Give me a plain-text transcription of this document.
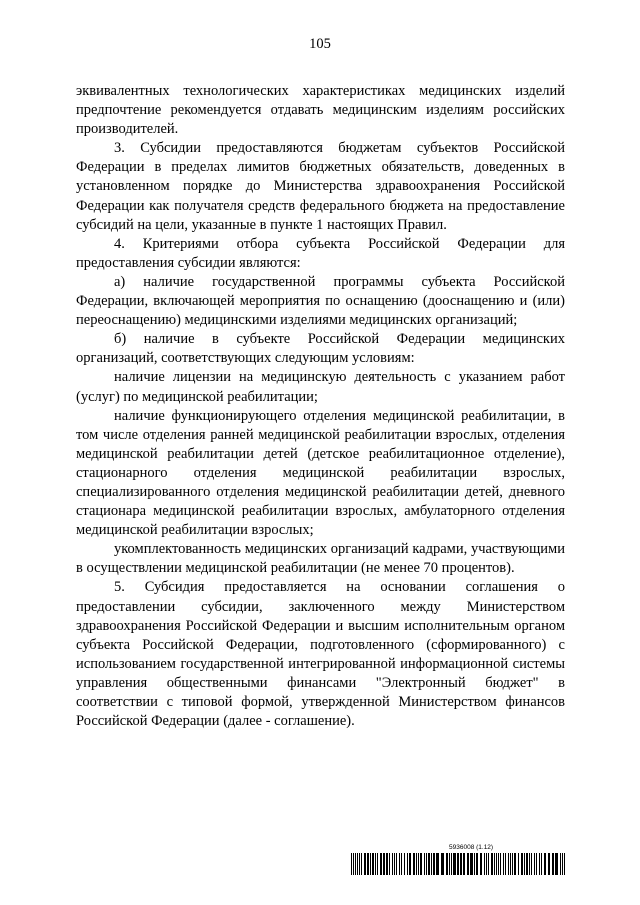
105

эквивалентных технологических характеристиках медицинских изделий предпочтение рекомендуется отдавать медицинским изделиям российских производителей.

3. Субсидии предоставляются бюджетам субъектов Российской Федерации в пределах лимитов бюджетных обязательств, доведенных в установленном порядке до Министерства здравоохранения Российской Федерации как получателя средств федерального бюджета на предоставление субсидий на цели, указанные в пункте 1 настоящих Правил.

4. Критериями отбора субъекта Российской Федерации для предоставления субсидии являются:

а) наличие государственной программы субъекта Российской Федерации, включающей мероприятия по оснащению (дооснащению и (или) переоснащению) медицинскими изделиями медицинских организаций;

б) наличие в субъекте Российской Федерации медицинских организаций, соответствующих следующим условиям:

наличие лицензии на медицинскую деятельность с указанием работ (услуг) по медицинской реабилитации;

наличие функционирующего отделения медицинской реабилитации, в том числе отделения ранней медицинской реабилитации взрослых, отделения медицинской реабилитации детей (детское реабилитационное отделение), стационарного отделения медицинской реабилитации взрослых, специализированного отделения медицинской реабилитации детей, дневного стационара медицинской реабилитации взрослых, амбулаторного отделения медицинской реабилитации взрослых;

укомплектованность медицинских организаций кадрами, участвующими в осуществлении медицинской реабилитации (не менее 70 процентов).

5. Субсидия предоставляется на основании соглашения о предоставлении субсидии, заключенного между Министерством здравоохранения Российской Федерации и высшим исполнительным органом субъекта Российской Федерации, подготовленного (сформированного) с использованием государственной интегрированной информационной системы управления общественными финансами "Электронный бюджет" в соответствии с типовой формой, утвержденной Министерством финансов Российской Федерации (далее - соглашение).

5936008 (1.12)
